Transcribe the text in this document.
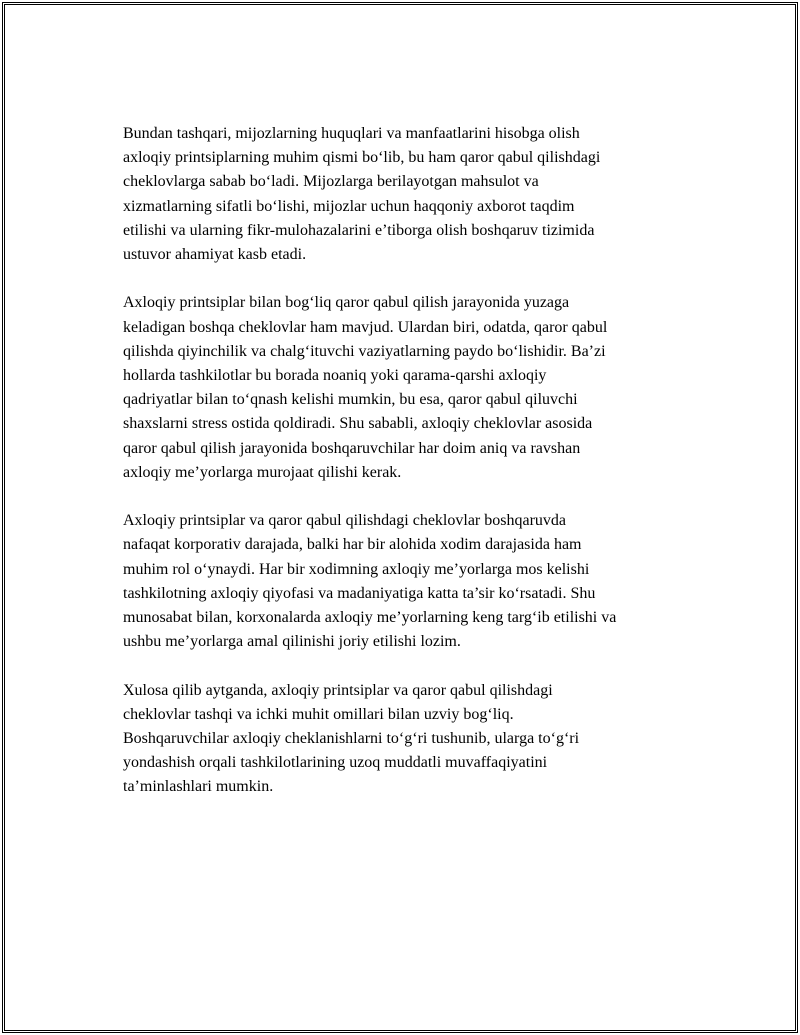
Bundan tashqari, mijozlarning huquqlari va manfaatlarini hisobga olish
axloqiy printsiplarning muhim qismi bo‘lib, bu ham qaror qabul qilishdagi
cheklovlarga sabab bo‘ladi. Mijozlarga berilayotgan mahsulot va
xizmatlarning sifatli bo‘lishi, mijozlar uchun haqqoniy axborot taqdim
etilishi va ularning fikr-mulohazalarini e’tiborga olish boshqaruv tizimida
ustuvor ahamiyat kasb etadi.

Axloqiy printsiplar bilan bog‘liq qaror qabul qilish jarayonida yuzaga
keladigan boshqa cheklovlar ham mavjud. Ulardan biri, odatda, qaror qabul
qilishda qiyinchilik va chalg‘ituvchi vaziyatlarning paydo bo‘lishidir. Ba’zi
hollarda tashkilotlar bu borada noaniq yoki qarama-qarshi axloqiy
qadriyatlar bilan to‘qnash kelishi mumkin, bu esa, qaror qabul qiluvchi
shaxslarni stress ostida qoldiradi. Shu sababli, axloqiy cheklovlar asosida
qaror qabul qilish jarayonida boshqaruvchilar har doim aniq va ravshan
axloqiy me’yorlarga murojaat qilishi kerak.

Axloqiy printsiplar va qaror qabul qilishdagi cheklovlar boshqaruvda
nafaqat korporativ darajada, balki har bir alohida xodim darajasida ham
muhim rol o‘ynaydi. Har bir xodimning axloqiy me’yorlarga mos kelishi
tashkilotning axloqiy qiyofasi va madaniyatiga katta ta’sir ko‘rsatadi. Shu
munosabat bilan, korxonalarda axloqiy me’yorlarning keng targ‘ib etilishi va
ushbu me’yorlarga amal qilinishi joriy etilishi lozim.

Xulosa qilib aytganda, axloqiy printsiplar va qaror qabul qilishdagi
cheklovlar tashqi va ichki muhit omillari bilan uzviy bog‘liq.
Boshqaruvchilar axloqiy cheklanishlarni to‘g‘ri tushunib, ularga to‘g‘ri
yondashish orqali tashkilotlarining uzoq muddatli muvaffaqiyatini
ta’minlashlari mumkin.
